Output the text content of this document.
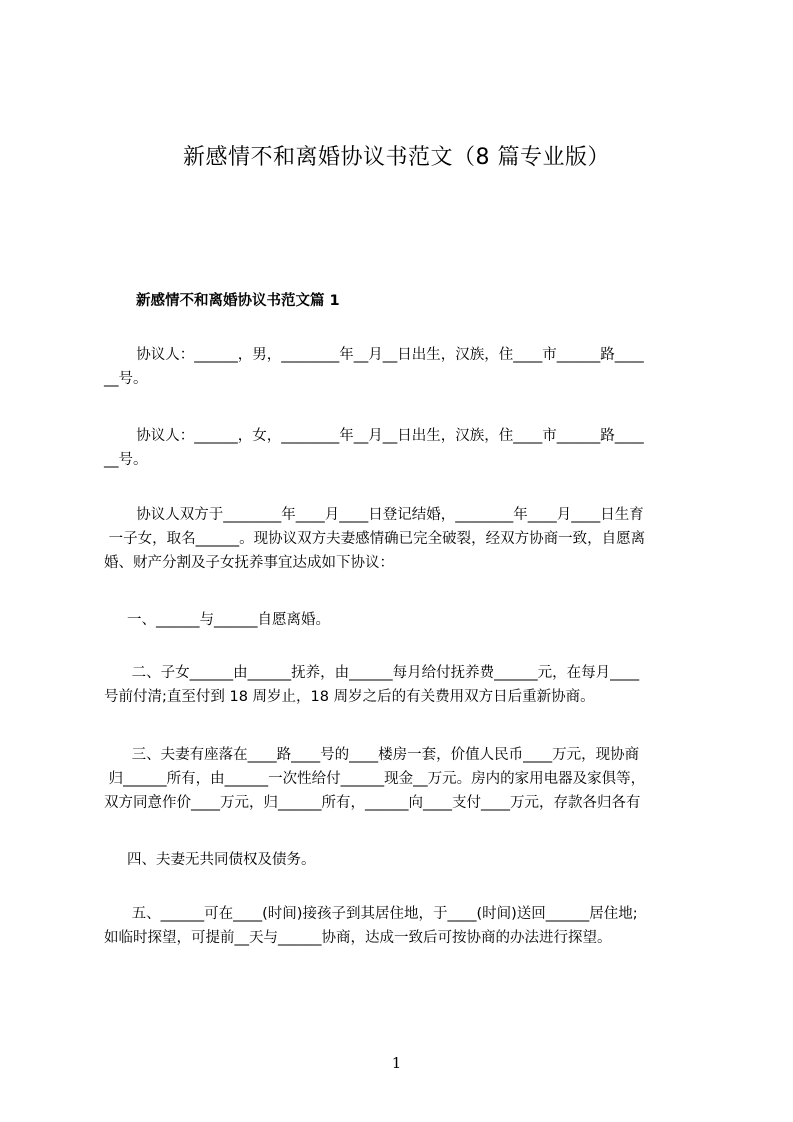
新感情不和离婚协议书范文（8 篇专业版）
新感情不和离婚协议书范文篇 1
协议人：______，男，________年__月__日出生，汉族，住____市______路____
__号。
协议人：______，女，________年__月__日出生，汉族，住____市______路____
__号。
协议人双方于________年____月____日登记结婚，________年____月____日生育
一子女，取名______。现协议双方夫妻感情确已完全破裂，经双方协商一致，自愿离
婚、财产分割及子女抚养事宜达成如下协议：
一、______与______自愿离婚。
二、子女______由______抚养，由______每月给付抚养费______元，在每月____
号前付清;直至付到 18 周岁止，18 周岁之后的有关费用双方日后重新协商。
三、夫妻有座落在____路____号的____楼房一套，价值人民币____万元，现协商
归______所有，由______一次性给付______现金__万元。房内的家用电器及家俱等，
双方同意作价____万元，归______所有，______向____支付____万元，存款各归各有
四、夫妻无共同债权及债务。
五、______可在____(时间)接孩子到其居住地，于____(时间)送回______居住地;
如临时探望，可提前__天与______协商，达成一致后可按协商的办法进行探望。
1
